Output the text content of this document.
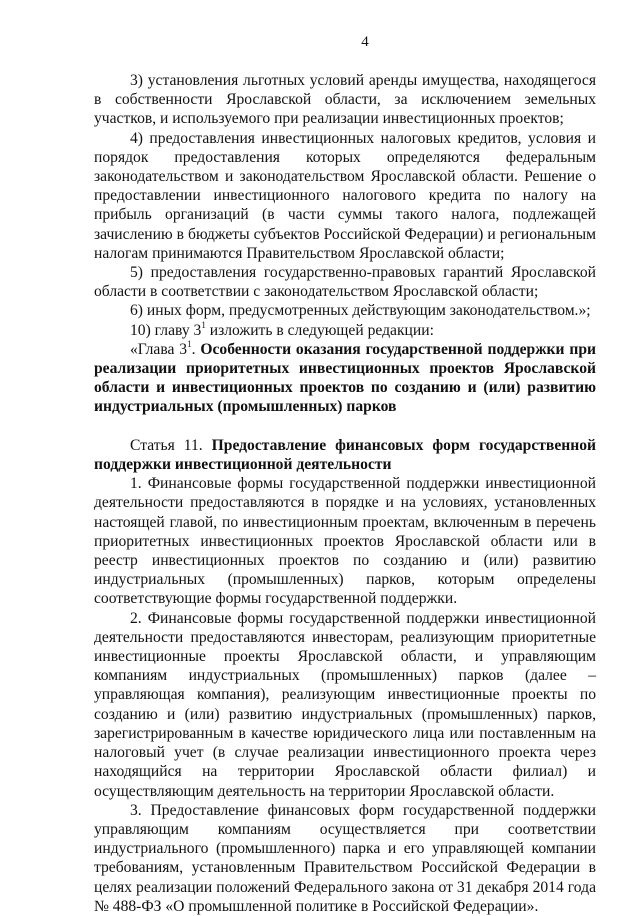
4

3) установления льготных условий аренды имущества, находящегося в собственности Ярославской области, за исключением земельных участков, и используемого при реализации инвестиционных проектов;

4) предоставления инвестиционных налоговых кредитов, условия и порядок предоставления которых определяются федеральным законодательством и законодательством Ярославской области. Решение о предоставлении инвестиционного налогового кредита по налогу на прибыль организаций (в части суммы такого налога, подлежащей зачислению в бюджеты субъектов Российской Федерации) и региональным налогам принимаются Правительством Ярославской области;

5) предоставления государственно-правовых гарантий Ярославской области в соответствии с законодательством Ярославской области;

6) иных форм, предусмотренных действующим законодательством.»;

10) главу $3^1$ изложить в следующей редакции:

«Глава $3^1$. Особенности оказания государственной поддержки при реализации приоритетных инвестиционных проектов Ярославской области и инвестиционных проектов по созданию и (или) развитию индустриальных (промышленных) парков

Статья 11. Предоставление финансовых форм государственной поддержки инвестиционной деятельности

1. Финансовые формы государственной поддержки инвестиционной деятельности предоставляются в порядке и на условиях, установленных настоящей главой, по инвестиционным проектам, включенным в перечень приоритетных инвестиционных проектов Ярославской области или в реестр инвестиционных проектов по созданию и (или) развитию индустриальных (промышленных) парков, которым определены соответствующие формы государственной поддержки.

2. Финансовые формы государственной поддержки инвестиционной деятельности предоставляются инвесторам, реализующим приоритетные инвестиционные проекты Ярославской области, и управляющим компаниям индустриальных (промышленных) парков (далее – управляющая компания), реализующим инвестиционные проекты по созданию и (или) развитию индустриальных (промышленных) парков, зарегистрированным в качестве юридического лица или поставленным на налоговый учет (в случае реализации инвестиционного проекта через находящийся на территории Ярославской области филиал) и осуществляющим деятельность на территории Ярославской области.

3. Предоставление финансовых форм государственной поддержки управляющим компаниям осуществляется при соответствии индустриального (промышленного) парка и его управляющей компании требованиям, установленным Правительством Российской Федерации в целях реализации положений Федерального закона от 31 декабря 2014 года № 488-ФЗ «О промышленной политике в Российской Федерации».
